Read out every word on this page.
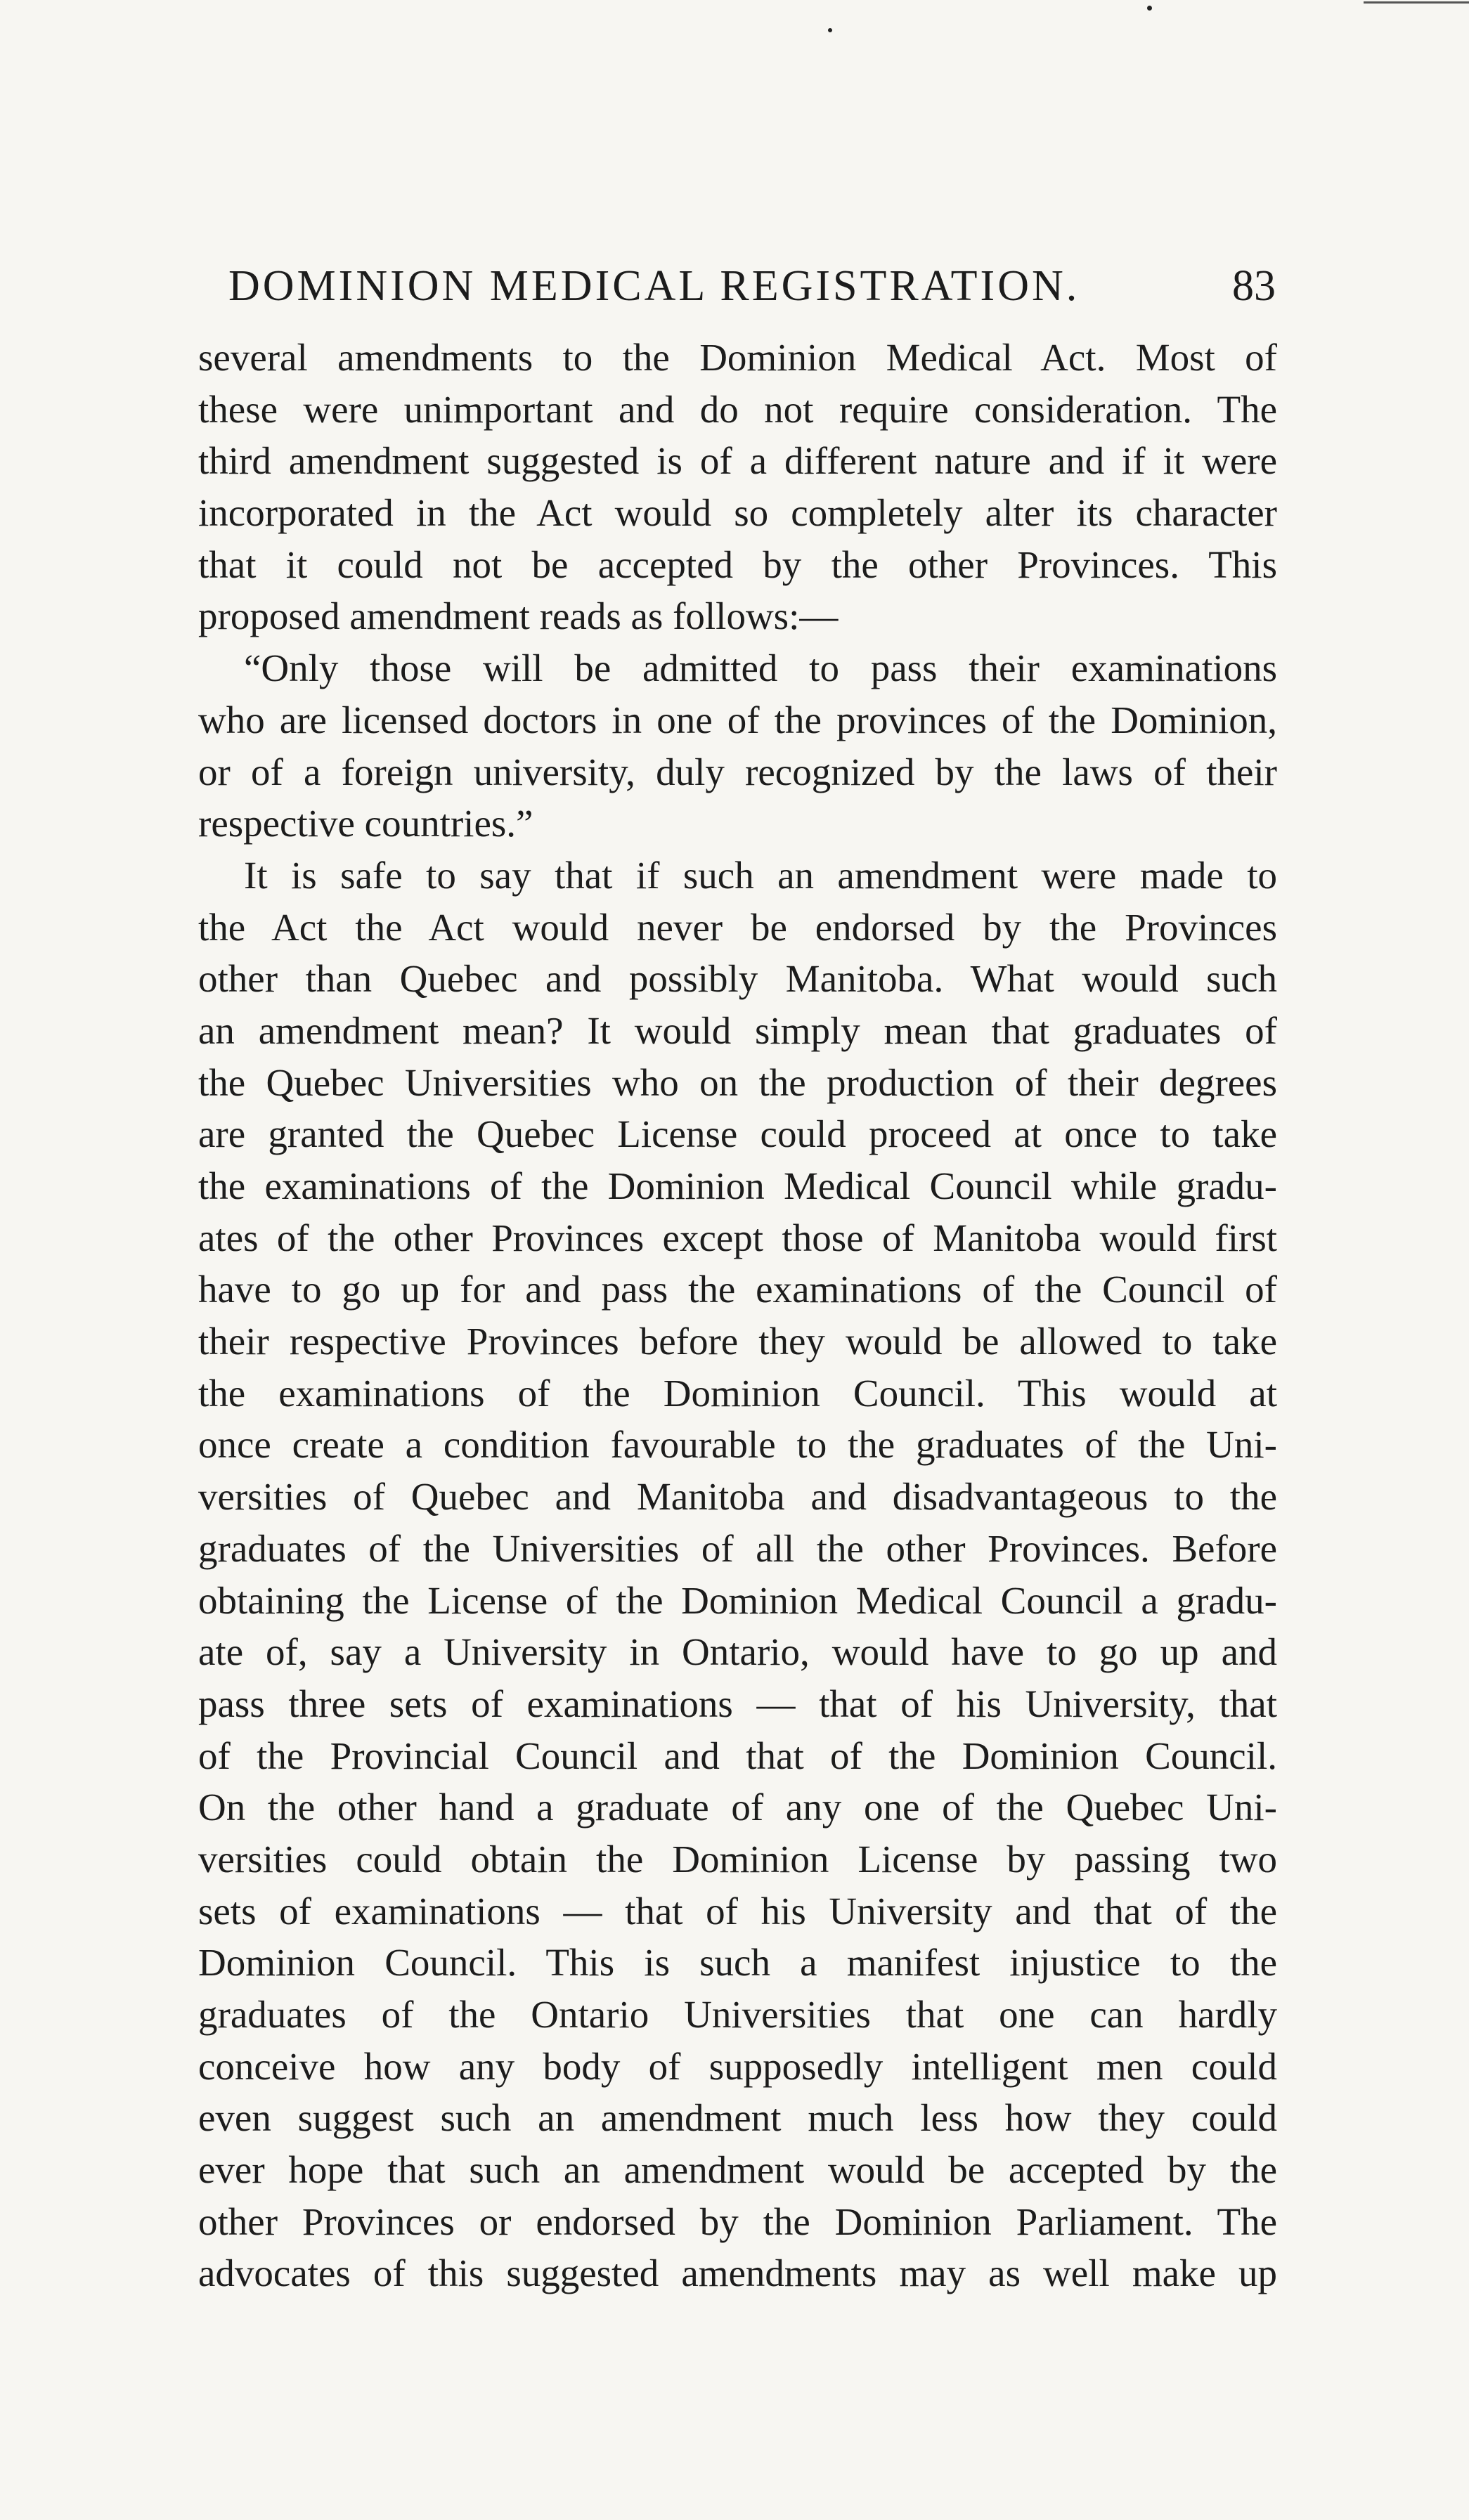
DOMINION MEDICAL REGISTRATION.	83
several amendments to the Dominion Medical Act. Most of
these were unimportant and do not require consideration. The
third amendment suggested is of a different nature and if it were
incorporated in the Act would so completely alter its character
that it could not be accepted by the other Provinces. This
proposed amendment reads as follows:—
“Only those will be admitted to pass their examinations
who are licensed doctors in one of the provinces of the Dominion,
or of a foreign university, duly recognized by the laws of their
respective countries.”
It is safe to say that if such an amendment were made to
the Act the Act would never be endorsed by the Provinces
other than Quebec and possibly Manitoba. What would such
an amendment mean? It would simply mean that graduates of
the Quebec Universities who on the production of their degrees
are granted the Quebec License could proceed at once to take
the examinations of the Dominion Medical Council while gradu-
ates of the other Provinces except those of Manitoba would first
have to go up for and pass the examinations of the Council of
their respective Provinces before they would be allowed to take
the examinations of the Dominion Council. This would at
once create a condition favourable to the graduates of the Uni-
versities of Quebec and Manitoba and disadvantageous to the
graduates of the Universities of all the other Provinces. Before
obtaining the License of the Dominion Medical Council a gradu-
ate of, say a University in Ontario, would have to go up and
pass three sets of examinations — that of his University, that
of the Provincial Council and that of the Dominion Council.
On the other hand a graduate of any one of the Quebec Uni-
versities could obtain the Dominion License by passing two
sets of examinations — that of his University and that of the
Dominion Council. This is such a manifest injustice to the
graduates of the Ontario Universities that one can hardly
conceive how any body of supposedly intelligent men could
even suggest such an amendment much less how they could
ever hope that such an amendment would be accepted by the
other Provinces or endorsed by the Dominion Parliament. The
advocates of this suggested amendments may as well make up
